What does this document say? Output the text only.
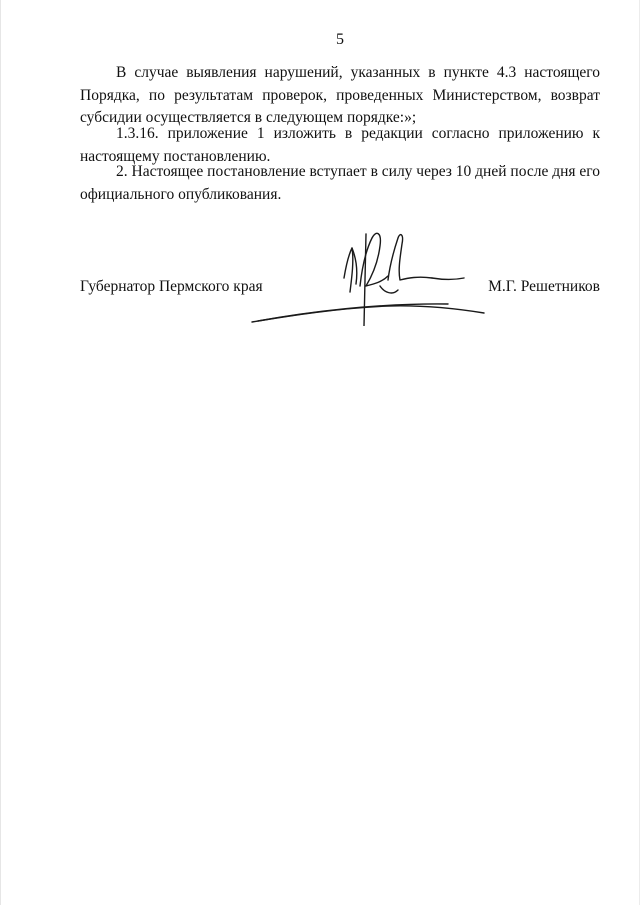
5

В случае выявления нарушений, указанных в пункте 4.3 настоящего Порядка, по результатам проверок, проведенных Министерством, возврат субсидии осуществляется в следующем порядке:»;

1.3.16. приложение 1 изложить в редакции согласно приложению к настоящему постановлению.

2. Настоящее постановление вступает в силу через 10 дней после дня его официального опубликования.

Губернатор Пермского края	М.Г. Решетников
